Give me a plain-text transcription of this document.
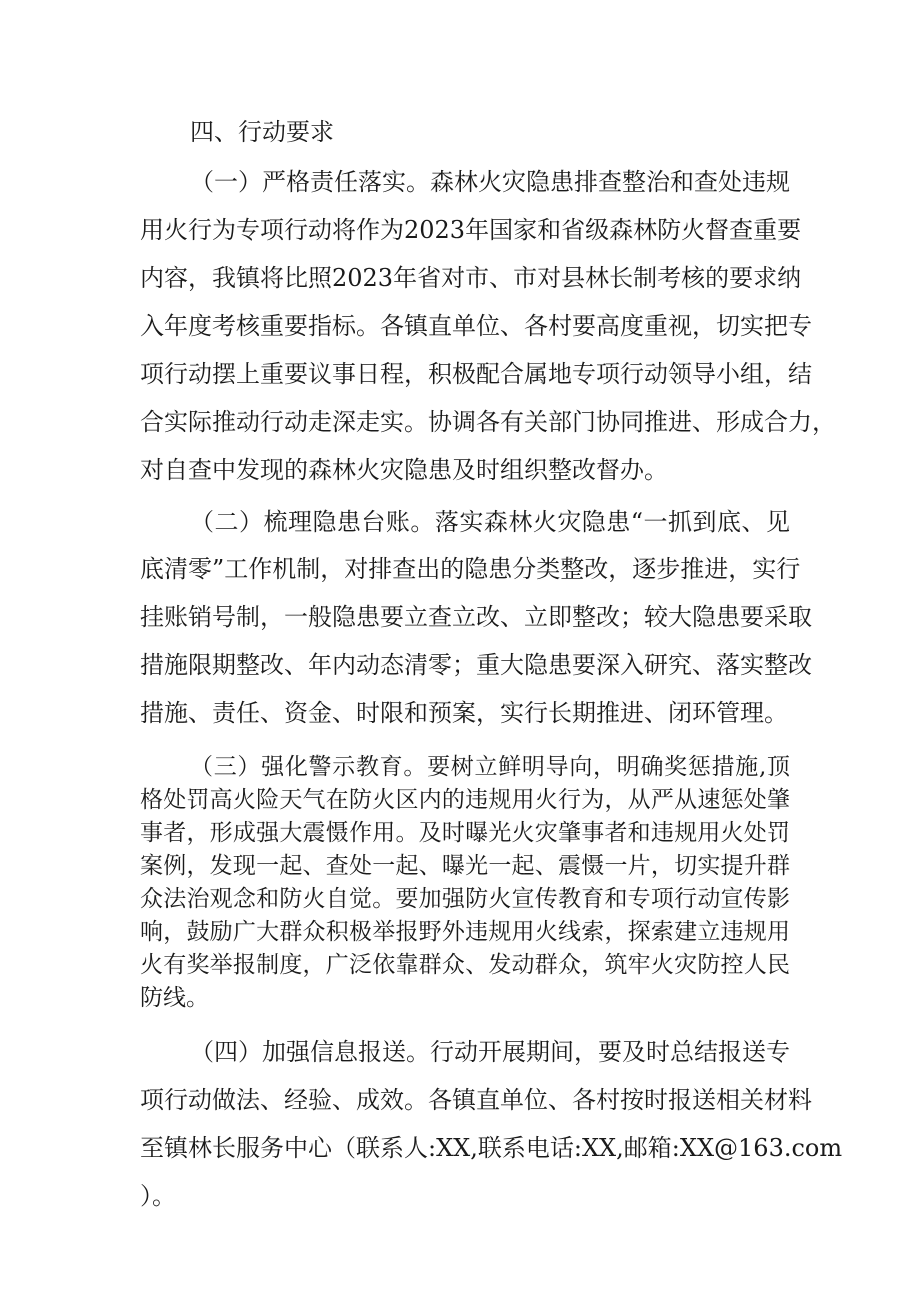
四、行动要求
（一）严格责任落实。森林火灾隐患排查整治和查处违规
用火行为专项行动将作为2023年国家和省级森林防火督查重要
内容，我镇将比照2023年省对市、市对县林长制考核的要求纳
入年度考核重要指标。各镇直单位、各村要高度重视，切实把专
项行动摆上重要议事日程，积极配合属地专项行动领导小组，结
合实际推动行动走深走实。协调各有关部门协同推进、形成合力，
对自查中发现的森林火灾隐患及时组织整改督办。
（二）梳理隐患台账。落实森林火灾隐患“一抓到底、见
底清零”工作机制，对排查出的隐患分类整改，逐步推进，实行
挂账销号制，一般隐患要立查立改、立即整改；较大隐患要采取
措施限期整改、年内动态清零；重大隐患要深入研究、落实整改
措施、责任、资金、时限和预案，实行长期推进、闭环管理。
（三）强化警示教育。要树立鲜明导向，明确奖惩措施,顶
格处罚高火险天气在防火区内的违规用火行为，从严从速惩处肇
事者，形成强大震慑作用。及时曝光火灾肇事者和违规用火处罚
案例，发现一起、查处一起、曝光一起、震慑一片，切实提升群
众法治观念和防火自觉。要加强防火宣传教育和专项行动宣传影
响，鼓励广大群众积极举报野外违规用火线索，探索建立违规用
火有奖举报制度，广泛依靠群众、发动群众，筑牢火灾防控人民
防线。
（四）加强信息报送。行动开展期间，要及时总结报送专
项行动做法、经验、成效。各镇直单位、各村按时报送相关材料
至镇林长服务中心（联系人:XX,联系电话:XX,邮箱:XX@163.com
）。
